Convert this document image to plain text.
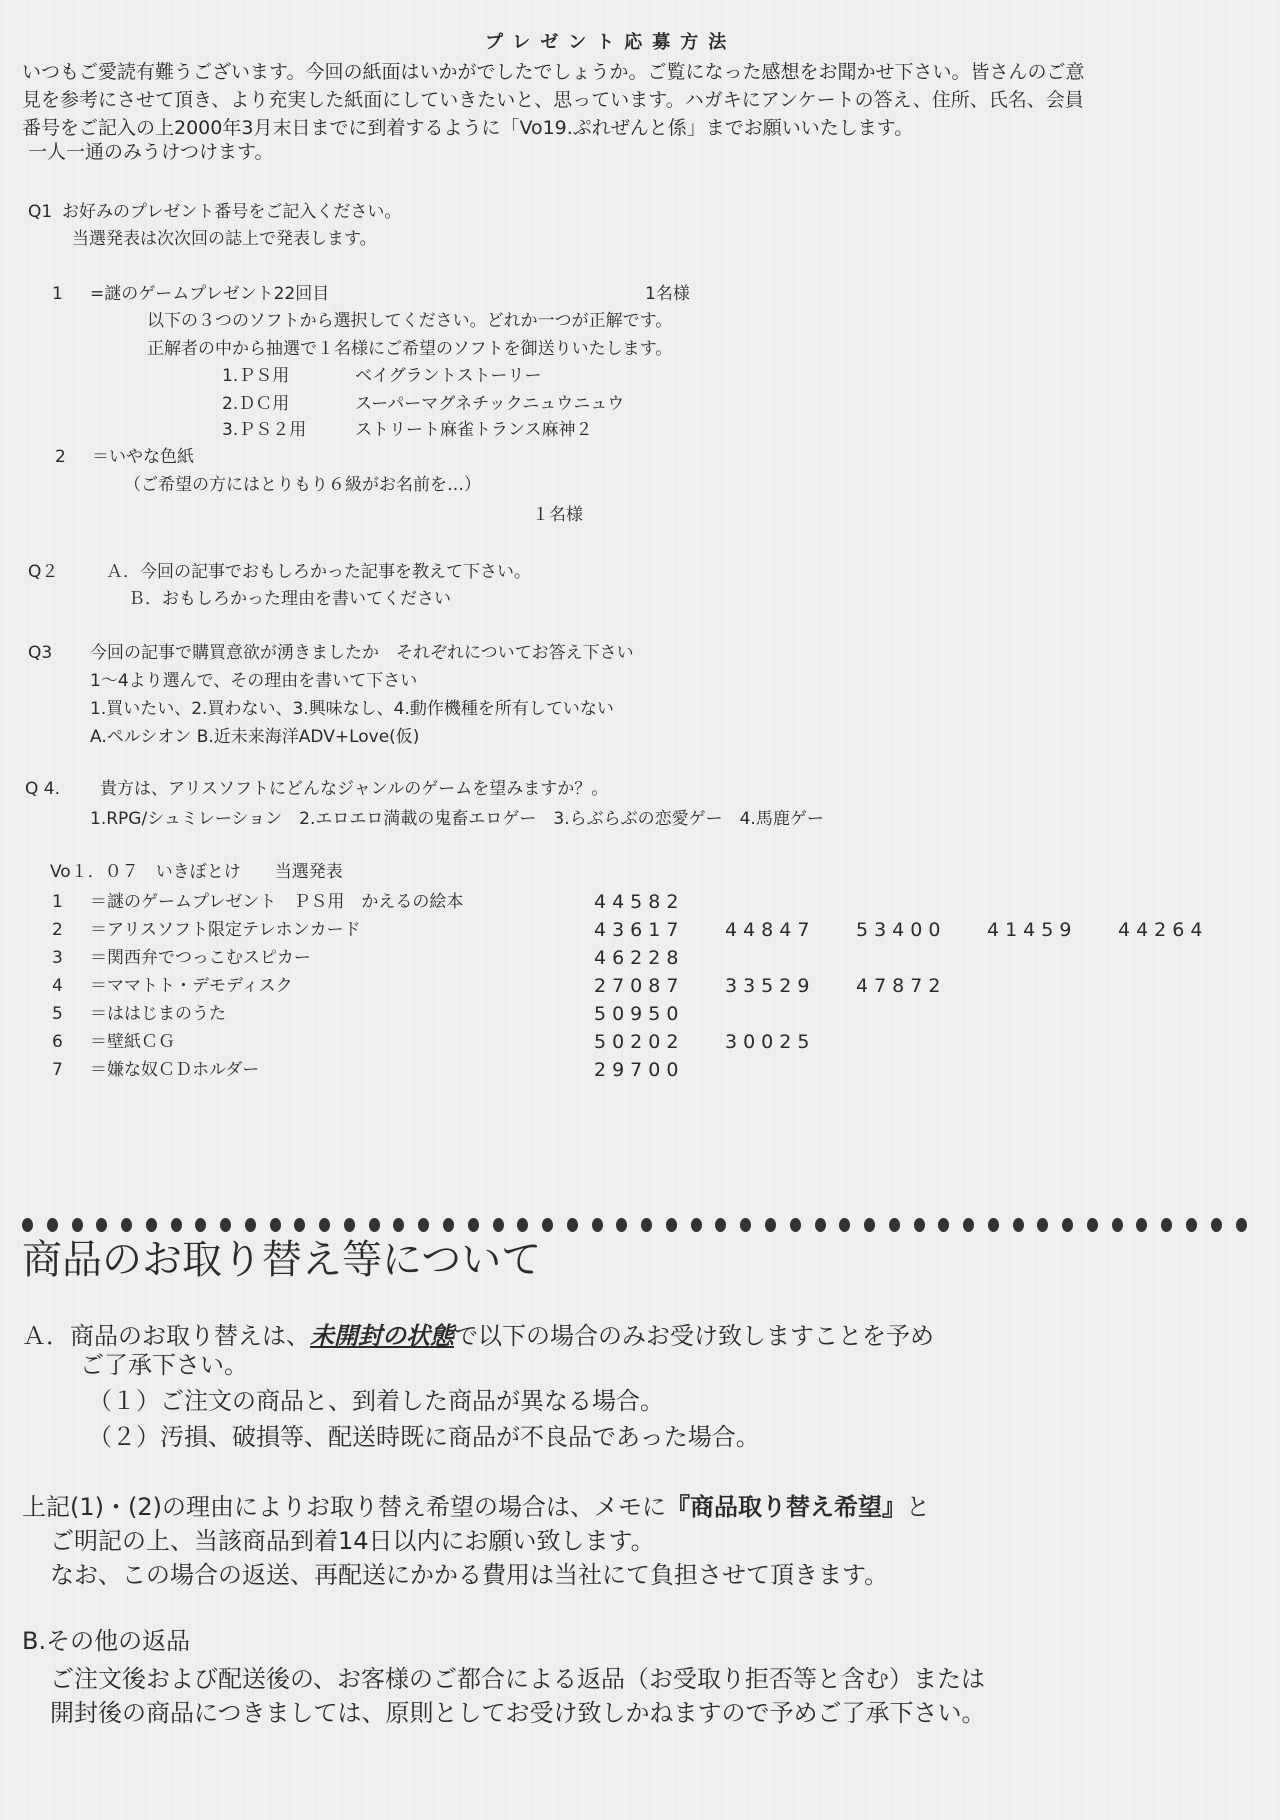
プレゼント応募方法
いつもご愛読有難うございます。今回の紙面はいかがでしたでしょうか。ご覧になった感想をお聞かせ下さい。皆さんのご意
見を参考にさせて頂き、より充実した紙面にしていきたいと、思っています。ハガキにアンケートの答え、住所、氏名、会員
番号をご記入の上2000年3月末日までに到着するように「Vo19.ぷれぜんと係」までお願いいたします。
一人一通のみうけつけます。
Q1 お好みのプレゼント番号をご記入ください。
当選発表は次次回の誌上で発表します。
1 =謎のゲームプレゼント22回目	1名様
以下の３つのソフトから選択してください。どれか一つが正解です。
正解者の中から抽選で１名様にご希望のソフトを御送りいたします。
1.ＰＳ用	ベイグラントストーリー
2.ＤＣ用	スーパーマグネチックニュウニュウ
3.ＰＳ２用	ストリート麻雀トランス麻神２
2 ＝いやな色紙
（ご希望の方にはとりもり６級がお名前を…）
１名様
Q２	Ａ．今回の記事でおもしろかった記事を教えて下さい。
Ｂ．おもしろかった理由を書いてください
Q3 今回の記事で購買意欲が湧きましたか　それぞれについてお答え下さい
1～4より選んで、その理由を書いて下さい
1.買いたい、2.買わない、3.興味なし、4.動作機種を所有していない
A.ペルシオン B.近未来海洋ADV+Love(仮)
Q 4. 貴方は、アリスソフトにどんなジャンルのゲームを望みますか？。
1.RPG/シュミレーション　2.エロエロ満載の鬼畜エロゲー　3.らぶらぶの恋愛ゲー　4.馬鹿ゲー
Vo１．０７　いきぼとけ　　当選発表
1 ＝謎のゲームプレゼント　ＰＳ用　かえるの絵本	44582
2 ＝アリスソフト限定テレホンカード	43617 44847 53400 41459 44264
3 ＝関西弁でつっこむスピカー	46228
4 ＝ママトト・デモディスク	27087 33529 47872
5 ＝ははじまのうた	50950
6 ＝壁紙ＣＧ	50202 30025
7 ＝嫌な奴ＣＤホルダー	29700
商品のお取り替え等について
Ａ．商品のお取り替えは、未開封の状態で以下の場合のみお受け致しますことを予め
ご了承下さい。
（１）ご注文の商品と、到着した商品が異なる場合。
（２）汚損、破損等、配送時既に商品が不良品であった場合。
上記(1)・(2)の理由によりお取り替え希望の場合は、メモに『商品取り替え希望』と
ご明記の上、当該商品到着14日以内にお願い致します。
なお、この場合の返送、再配送にかかる費用は当社にて負担させて頂きます。
B.その他の返品
ご注文後および配送後の、お客様のご都合による返品（お受取り拒否等と含む）または
開封後の商品につきましては、原則としてお受け致しかねますので予めご了承下さい。
